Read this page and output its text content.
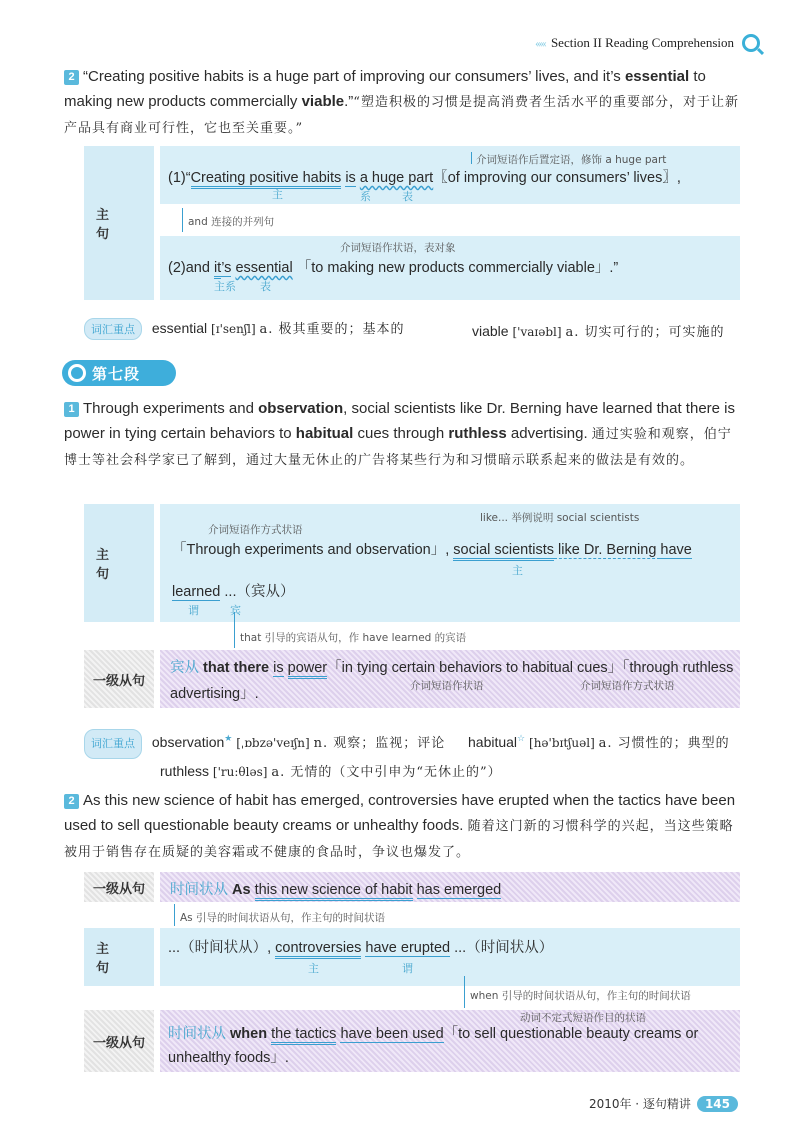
‹‹‹‹‹ Section II Reading Comprehension
2 “Creating positive habits is a huge part of improving our consumers’ lives, and it’s essential to making new products commercially viable.”“塑造积极的习惯是提高消费者生活水平的重要部分，对于让新产品具有商业可行性，它也至关重要。”
主　句
介词短语作后置定语，修饰 a huge part
(1)“Creating positive habits is a huge part〖of improving our consumers’ lives〗,
主	系	表
and 连接的并列句
介词短语作状语，表对象
(2)and it’s essential 「to making new products commercially viable」.”
主系 表
词汇重点 essential [ɪ'senʃl] a. 极其重要的；基本的	viable ['vaɪəbl] a. 切实可行的；可实施的
第七段
1 Through experiments and observation, social scientists like Dr. Berning have learned that there is power in tying certain behaviors to habitual cues through ruthless advertising. 通过实验和观察，伯宁博士等社会科学家已了解到，通过大量无休止的广告将某些行为和习惯暗示联系起来的做法是有效的。
主　句
一级从句
like... 举例说明 social scientists
介词短语作方式状语
「Through experiments and observation」, social scientists like Dr. Berning have
主
learned ...（宾从）
谓	宾
that 引导的宾语从句，作 have learned 的宾语
宾从 that there is power「in tying certain behaviors to habitual cues」「through ruthless
advertising」.	介词短语作状语	介词短语作方式状语
词汇重点 observation★ [ˌɒbzə'veɪʃn] n. 观察；监视；评论 habitual☆ [hə'bɪtʃuəl] a. 习惯性的；典型的
ruthless ['ru:θləs] a. 无情的（文中引申为“无休止的”）
2 As this new science of habit has emerged, controversies have erupted when the tactics have been used to sell questionable beauty creams or unhealthy foods. 随着这门新的习惯科学的兴起，当这些策略被用于销售存在质疑的美容霜或不健康的食品时，争议也爆发了。
一级从句
主　句
一级从句
时间状从 As this new science of habit has emerged
As 引导的时间状语从句，作主句的时间状语
...（时间状从）, controversies have erupted ...（时间状从）
主	谓
when 引导的时间状语从句，作主句的时间状语
动词不定式短语作目的状语
时间状从 when the tactics have been used「to sell questionable beauty creams or
unhealthy foods」.
2010年 · 逐句精讲	145
